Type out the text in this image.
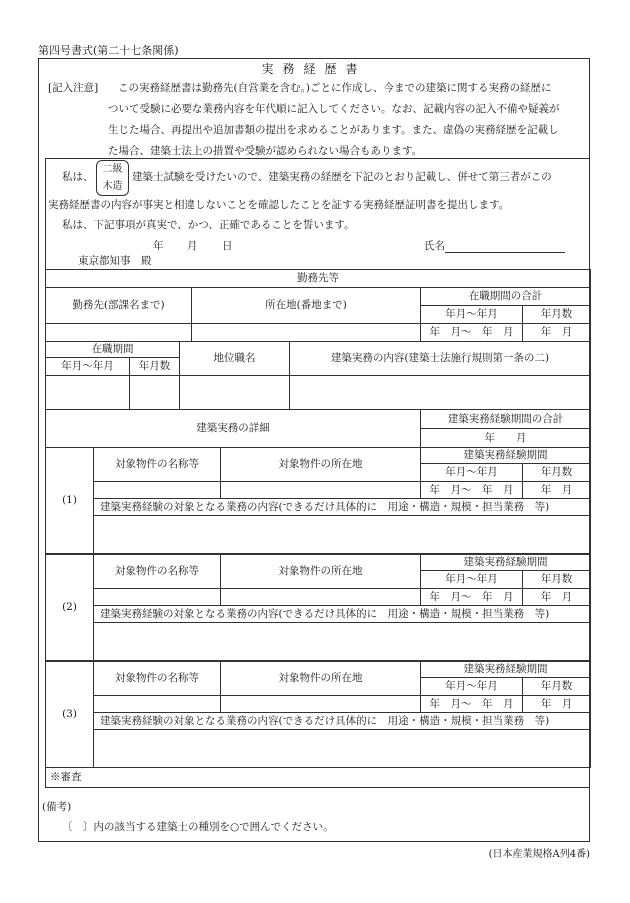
第四号書式(第二十七条関係)
実務経歴書
[記入注意]	この実務経歴書は勤務先(自営業を含む。)ごとに作成し、今までの建築に関する実務の経歴に
ついて受験に必要な業務内容を年代順に記入してください。なお、記載内容の記入不備や疑義が
生じた場合、再提出や追加書類の提出を求めることがあります。また、虚偽の実務経歴を記載し
た場合、建築士法上の措置や受験が認められない場合もあります。
私は、
二級
木造
建築士試験を受けたいので、建築実務の経歴を下記のとおり記載し、併せて第三者がこの
実務経歴書の内容が事実と相違しないことを確認したことを証する実務経歴証明書を提出します。
私は、下記事項が真実で、かつ、正確であることを誓います。
年 月 日	氏名
東京都知事　殿
勤務先等			
勤務先(部課名まで)	所在地(番地まで)	在職期間の合計	
		年月～年月	年月数
		年　月～　年　月	年　月
在職期間		地位職名	建築実務の内容(建築士法施行規則第一条の二)
年月～年月	年月数		

建築実務の詳細	建築実務経験期間の合計
年　　月
(1)	対象物件の名称等	対象物件の所在地	建築実務経験期間	
			年月～年月	年月数
			年　月～　年　月	年　月
	建築実務経験の対象となる業務の内容(できるだけ具体的に　用途・構造・規模・担当業務　等)			

(2)	対象物件の名称等	対象物件の所在地	建築実務経験期間	
			年月～年月	年月数
			年　月～　年　月	年　月
	建築実務経験の対象となる業務の内容(できるだけ具体的に　用途・構造・規模・担当業務　等)			

(3)	対象物件の名称等	対象物件の所在地	建築実務経験期間	
			年月～年月	年月数
			年　月～　年　月	年　月
	建築実務経験の対象となる業務の内容(できるだけ具体的に　用途・構造・規模・担当業務　等)			

※審査
(備考)
〔　〕内の該当する建築士の種別を○で囲んでください。
(日本産業規格A列4番)
